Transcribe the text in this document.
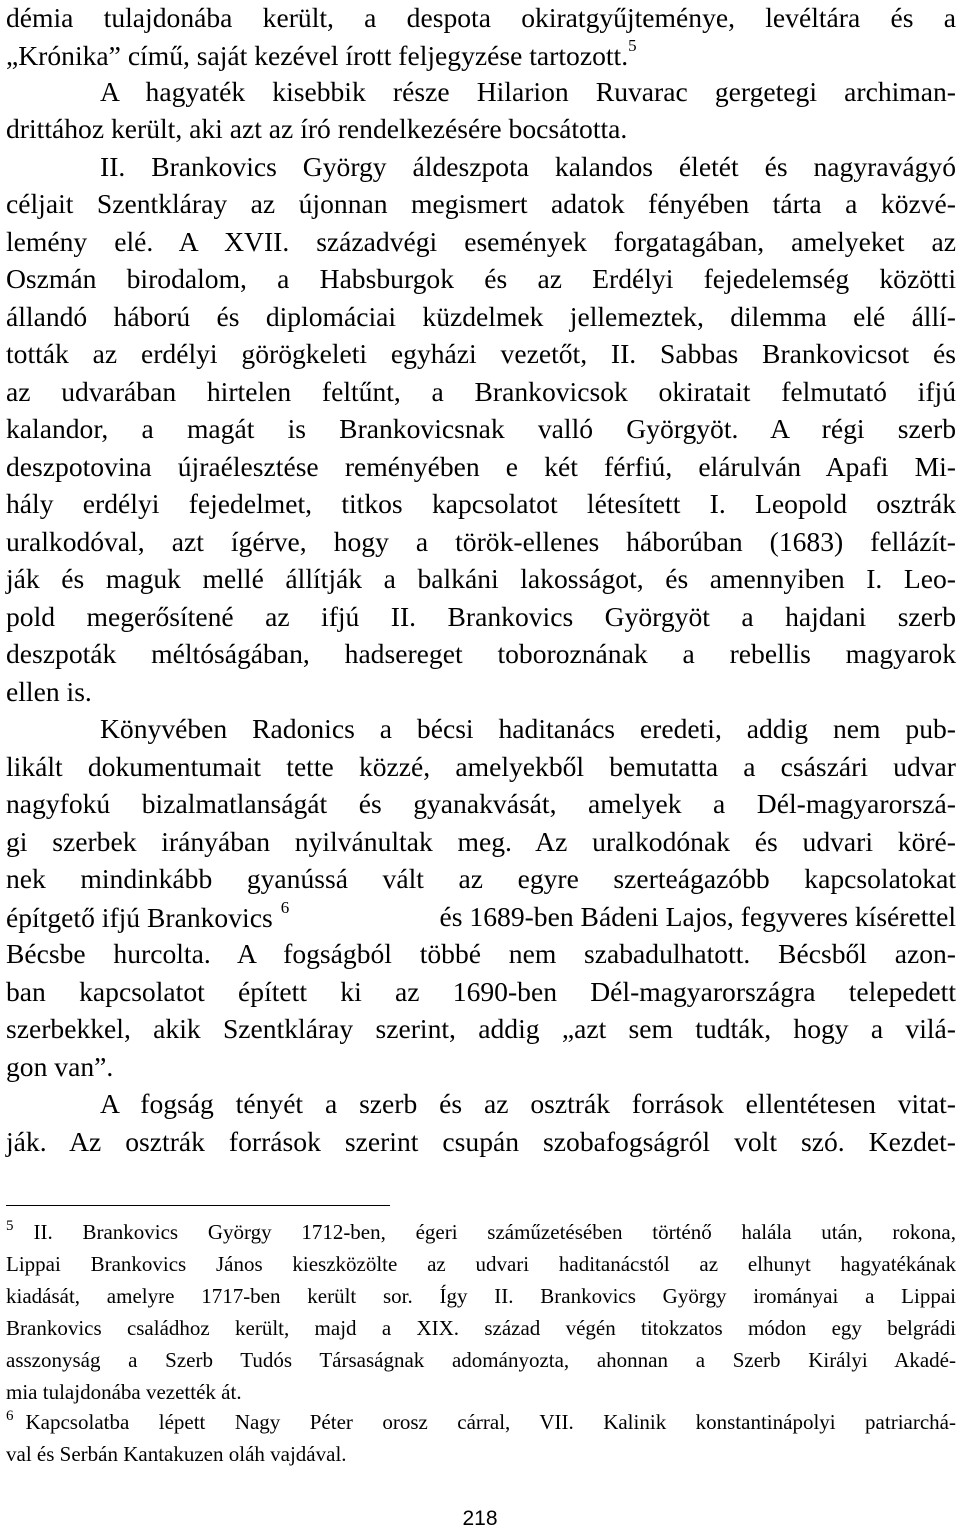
démia tulajdonába került, a despota okiratgyűjteménye, levéltára és a
„Krónika” című, saját kezével írott feljegyzése tartozott.$^5$
A hagyaték kisebbik része Hilarion Ruvarac gergetegi archiman-
drittához került, aki azt az író rendelkezésére bocsátotta.
II. Brankovics György áldeszpota kalandos életét és nagyravágyó
céljait Szentkláray az újonnan megismert adatok fényében tárta a közvé-
lemény elé. A XVII. századvégi események forgatagában, amelyeket az
Oszmán birodalom, a Habsburgok és az Erdélyi fejedelemség közötti
állandó háború és diplomáciai küzdelmek jellemeztek, dilemma elé állí-
tották az erdélyi görögkeleti egyházi vezetőt, II. Sabbas Brankovicsot és
az udvarában hirtelen feltűnt, a Brankovicsok okiratait felmutató ifjú
kalandor, a magát is Brankovicsnak valló Györgyöt. A régi szerb
deszpotovina újraélesztése reményében e két férfiú, elárulván Apafi Mi-
hály erdélyi fejedelmet, titkos kapcsolatot létesített I. Leopold osztrák
uralkodóval, azt ígérve, hogy a török-ellenes háborúban (1683) fellázít-
ják és maguk mellé állítják a balkáni lakosságot, és amennyiben I. Leo-
pold megerősítené az ifjú II. Brankovics Györgyöt a hajdani szerb
deszpoták méltóságában, hadsereget toboroznának a rebellis magyarok
ellen is.
Könyvében Radonics a bécsi haditanács eredeti, addig nem pub-
likált dokumentumait tette közzé, amelyekből bemutatta a császári udvar
nagyfokú bizalmatlanságát és gyanakvását, amelyek a Dél-magyarorszá-
gi szerbek irányában nyilvánultak meg. Az uralkodónak és udvari köré-
nek mindinkább gyanússá vált az egyre szerteágazóbb kapcsolatokat
építgető ifjú Brankovics $^6$	és 1689-ben Bádeni Lajos, fegyveres kísérettel
Bécsbe hurcolta. A fogságból többé nem szabadulhatott. Bécsből azon-
ban kapcsolatot épített ki az 1690-ben Dél-magyarországra telepedett
szerbekkel, akik Szentkláray szerint, addig „azt sem tudták, hogy a vilá-
gon van”.
A fogság tényét a szerb és az osztrák források ellentétesen vitat-
ják. Az osztrák források szerint csupán szobafogságról volt szó. Kezdet-
$^5$ II. Brankovics György 1712-ben, égeri száműzetésében történő halála után, rokona,
Lippai Brankovics János kieszközölte az udvari haditanácstól az elhunyt hagyatékának
kiadását, amelyre 1717-ben került sor. Így II. Brankovics György irományai a Lippai
Brankovics családhoz került, majd a XIX. század végén titokzatos módon egy belgrádi
asszonyság a Szerb Tudós Társaságnak adományozta, ahonnan a Szerb Királyi Akadé-
mia tulajdonába vezették át.
$^6$ Kapcsolatba lépett Nagy Péter orosz cárral, VII. Kalinik konstantinápolyi patriarchá-
val és Serbán Kantakuzen oláh vajdával.
218
